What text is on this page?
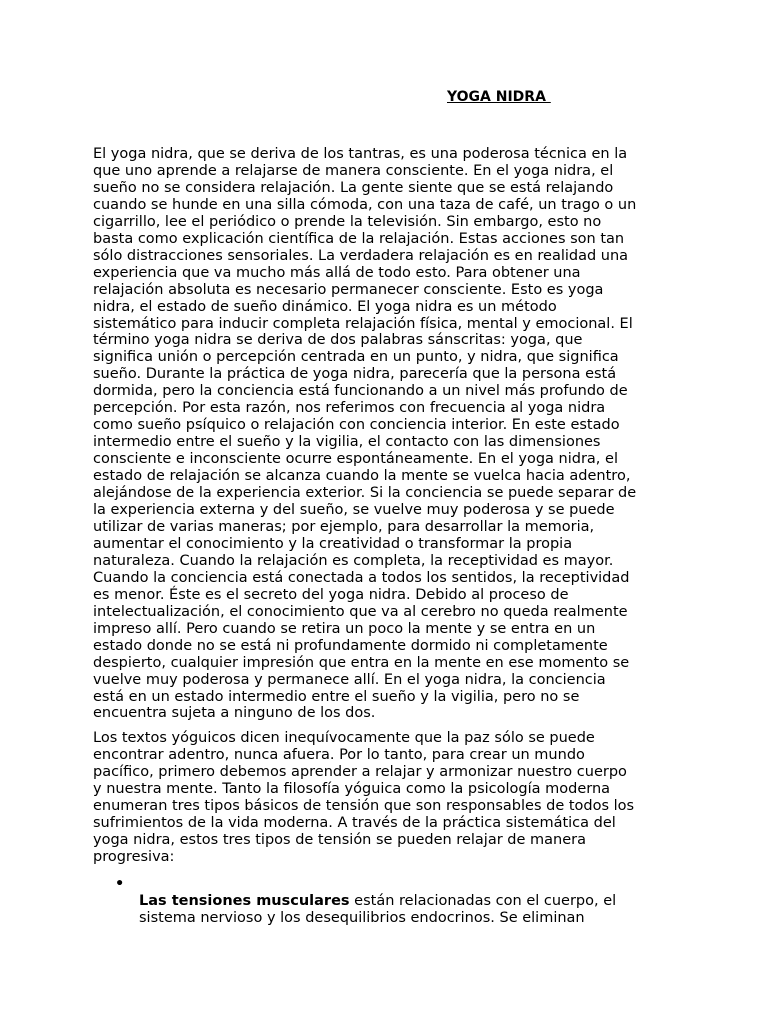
YOGA NIDRA

El yoga nidra, que se deriva de los tantras, es una poderosa técnica en la
que uno aprende a relajarse de manera consciente. En el yoga nidra, el
sueño no se considera relajación. La gente siente que se está relajando
cuando se hunde en una silla cómoda, con una taza de café, un trago o un
cigarrillo, lee el periódico o prende la televisión. Sin embargo, esto no
basta como explicación científica de la relajación. Estas acciones son tan
sólo distracciones sensoriales. La verdadera relajación es en realidad una
experiencia que va mucho más allá de todo esto. Para obtener una
relajación absoluta es necesario permanecer consciente. Esto es yoga
nidra, el estado de sueño dinámico. El yoga nidra es un método
sistemático para inducir completa relajación física, mental y emocional. El
término yoga nidra se deriva de dos palabras sánscritas: yoga, que
significa unión o percepción centrada en un punto, y nidra, que significa
sueño. Durante la práctica de yoga nidra, parecería que la persona está
dormida, pero la conciencia está funcionando a un nivel más profundo de
percepción. Por esta razón, nos referimos con frecuencia al yoga nidra
como sueño psíquico o relajación con conciencia interior. En este estado
intermedio entre el sueño y la vigilia, el contacto con las dimensiones
consciente e inconsciente ocurre espontáneamente. En el yoga nidra, el
estado de relajación se alcanza cuando la mente se vuelca hacia adentro,
alejándose de la experiencia exterior. Si la conciencia se puede separar de
la experiencia externa y del sueño, se vuelve muy poderosa y se puede
utilizar de varias maneras; por ejemplo, para desarrollar la memoria,
aumentar el conocimiento y la creatividad o transformar la propia
naturaleza. Cuando la relajación es completa, la receptividad es mayor.
Cuando la conciencia está conectada a todos los sentidos, la receptividad
es menor. Éste es el secreto del yoga nidra. Debido al proceso de
intelectualización, el conocimiento que va al cerebro no queda realmente
impreso allí. Pero cuando se retira un poco la mente y se entra en un
estado donde no se está ni profundamente dormido ni completamente
despierto, cualquier impresión que entra en la mente en ese momento se
vuelve muy poderosa y permanece allí. En el yoga nidra, la conciencia
está en un estado intermedio entre el sueño y la vigilia, pero no se
encuentra sujeta a ninguno de los dos.

Los textos yóguicos dicen inequívocamente que la paz sólo se puede
encontrar adentro, nunca afuera. Por lo tanto, para crear un mundo
pacífico, primero debemos aprender a relajar y armonizar nuestro cuerpo
y nuestra mente. Tanto la filosofía yóguica como la psicología moderna
enumeran tres tipos básicos de tensión que son responsables de todos los
sufrimientos de la vida moderna. A través de la práctica sistemática del
yoga nidra, estos tres tipos de tensión se pueden relajar de manera
progresiva:

•
Las tensiones musculares están relacionadas con el cuerpo, el
sistema nervioso y los desequilibrios endocrinos. Se eliminan
